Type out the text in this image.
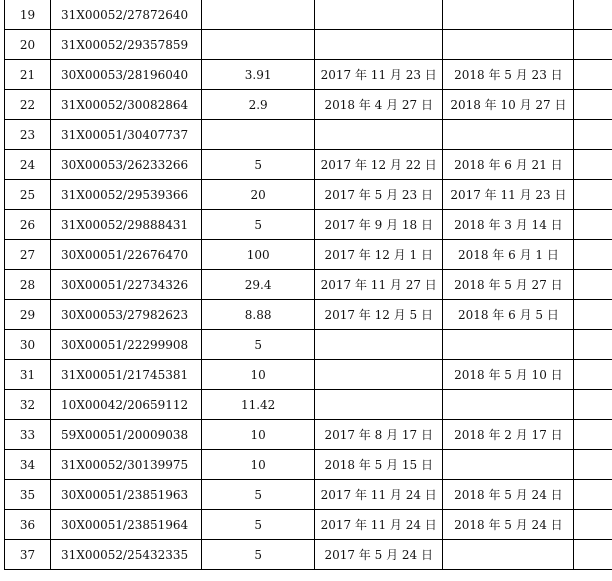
19	31X00052/27872640				
20	31X00052/29357859				
21	30X00053/28196040	3.91	2017 年 11 月 23 日	2018 年 5 月 23 日	
22	31X00052/30082864	2.9	2018 年 4 月 27 日	2018 年 10 月 27 日	
23	31X00051/30407737				
24	30X00053/26233266	5	2017 年 12 月 22 日	2018 年 6 月 21 日	
25	31X00052/29539366	20	2017 年 5 月 23 日	2017 年 11 月 23 日	
26	31X00052/29888431	5	2017 年 9 月 18 日	2018 年 3 月 14 日	
27	30X00051/22676470	100	2017 年 12 月 1 日	2018 年 6 月 1 日	
28	30X00051/22734326	29.4	2017 年 11 月 27 日	2018 年 5 月 27 日	
29	30X00053/27982623	8.88	2017 年 12 月 5 日	2018 年 6 月 5 日	
30	30X00051/22299908	5			
31	31X00051/21745381	10		2018 年 5 月 10 日	
32	10X00042/20659112	11.42			
33	59X00051/20009038	10	2017 年 8 月 17 日	2018 年 2 月 17 日	
34	31X00052/30139975	10	2018 年 5 月 15 日		
35	30X00051/23851963	5	2017 年 11 月 24 日	2018 年 5 月 24 日	
36	30X00051/23851964	5	2017 年 11 月 24 日	2018 年 5 月 24 日	
37	31X00052/25432335	5	2017 年 5 月 24 日		
